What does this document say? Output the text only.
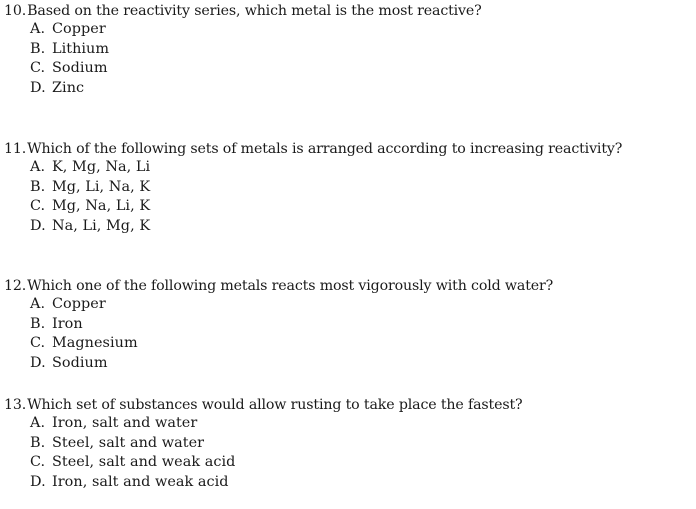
10.Based on the reactivity series, which metal is the most reactive?
A. Copper
B. Lithium
C. Sodium
D. Zinc
11.Which of the following sets of metals is arranged according to increasing reactivity?
A. K, Mg, Na, Li
B. Mg, Li, Na, K
C. Mg, Na, Li, K
D. Na, Li, Mg, K
12.Which one of the following metals reacts most vigorously with cold water?
A. Copper
B. Iron
C. Magnesium
D. Sodium
13.Which set of substances would allow rusting to take place the fastest?
A. Iron, salt and water
B. Steel, salt and water
C. Steel, salt and weak acid
D. Iron, salt and weak acid
